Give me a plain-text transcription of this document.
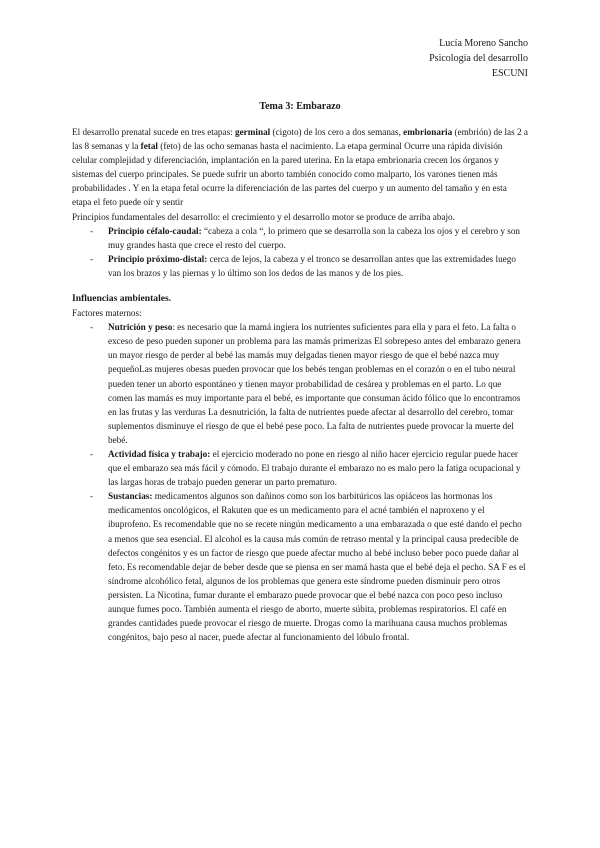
Lucía Moreno Sancho
Psicología del desarrollo
ESCUNI
Tema 3: Embarazo

El desarrollo prenatal sucede en tres etapas: germinal (cigoto) de los cero a dos semanas, embrionaria (embrión) de las 2 a las 8 semanas y la fetal (feto) de las ocho semanas hasta el nacimiento. La etapa germinal Ocurre una rápida división celular complejidad y diferenciación, implantación en la pared uterina. En la etapa embrionaria crecen los órganos y sistemas del cuerpo principales. Se puede sufrir un aborto también conocido como malparto, los varones tienen más probabilidades . Y en la etapa fetal ocurre la diferenciación de las partes del cuerpo y un aumento del tamaño y en esta etapa el feto puede oír y sentir

Principios fundamentales del desarrollo: el crecimiento y el desarrollo motor se produce de arriba abajo.

- Principio céfalo-caudal: “cabeza a cola “, lo primero que se desarrolla son la cabeza los ojos y el cerebro y son muy grandes hasta que crece el resto del cuerpo.
- Principio próximo-distal: cerca de lejos, la cabeza y el tronco se desarrollan antes que las extremidades luego van los brazos y las piernas y lo último son los dedos de las manos y de los pies.
Influencias ambientales.

Factores maternos:

- Nutrición y peso: es necesario que la mamá ingiera los nutrientes suficientes para ella y para el feto. La falta o exceso de peso pueden suponer un problema para las mamás primerizas El sobrepeso antes del embarazo genera un mayor riesgo de perder al bebé las mamás muy delgadas tienen mayor riesgo de que el bebé nazca muy pequeñoLas mujeres obesas pueden provocar que los bebés tengan problemas en el corazón o en el tubo neural pueden tener un aborto espontáneo y tienen mayor probabilidad de cesárea y problemas en el parto. Lo que comen las mamás es muy importante para el bebé, es importante que consuman ácido fólico que lo encontramos en las frutas y las verduras La desnutrición, la falta de nutrientes puede afectar al desarrollo del cerebro, tomar suplementos disminuye el riesgo de que el bebé pese poco. La falta de nutrientes puede provocar la muerte del bebé.
- Actividad física y trabajo: el ejercicio moderado no pone en riesgo al niño hacer ejercicio regular puede hacer que el embarazo sea más fácil y cómodo. El trabajo durante el embarazo no es malo pero la fatiga ocupacional y las largas horas de trabajo pueden generar un parto prematuro.
- Sustancias: medicamentos algunos son dañinos como son los barbitúricos las opiáceos las hormonas los medicamentos oncológicos, el Rakuten que es un medicamento para el acné también el naproxeno y el ibuprofeno. Es recomendable que no se recete ningún medicamento a una embarazada o que esté dando el pecho a menos que sea esencial. El alcohol es la causa más común de retraso mental y la principal causa predecible de defectos congénitos y es un factor de riesgo que puede afectar mucho al bebé incluso beber poco puede dañar al feto. Es recomendable dejar de beber desde que se piensa en ser mamá hasta que el bebé deja el pecho. SA F es el síndrome alcohólico fetal, algunos de los problemas que genera este síndrome pueden disminuir pero otros persisten. La Nicotina, fumar durante el embarazo puede provocar que el bebé nazca con poco peso incluso aunque fumes poco. También aumenta el riesgo de aborto, muerte súbita, problemas respiratorios. El café en grandes cantidades puede provocar el riesgo de muerte. Drogas como la marihuana causa muchos problemas congénitos, bajo peso al nacer, puede afectar al funcionamiento del lóbulo frontal.
